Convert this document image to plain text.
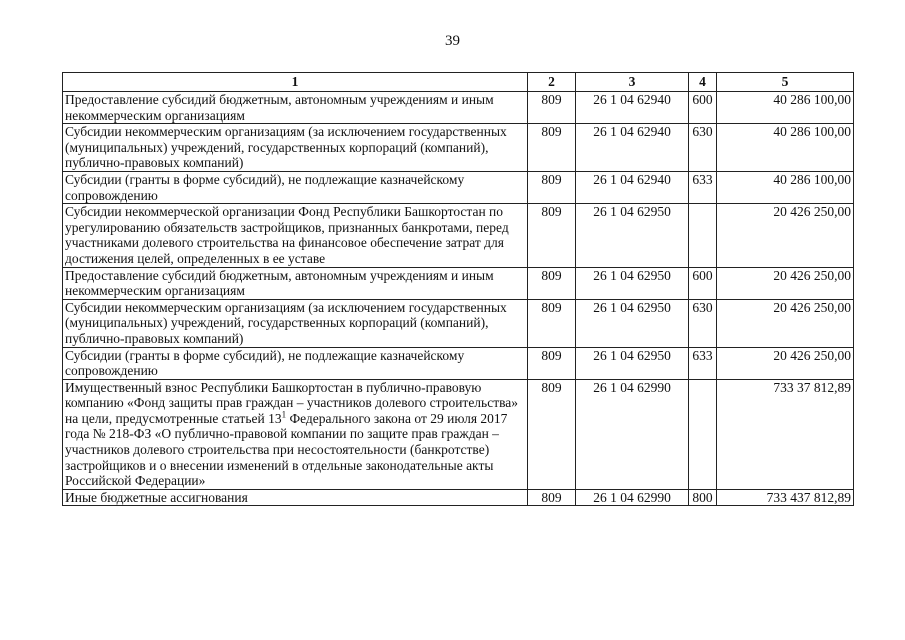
39
1	2	3	4	5
Предоставление субсидий бюджетным, автономным учреждениям и иным некоммерческим организациям	809	26 1 04 62940	600	40 286 100,00
Субсидии некоммерческим организациям (за исключением государственных (муниципальных) учреждений, государственных корпораций (компаний), публично-правовых компаний)	809	26 1 04 62940	630	40 286 100,00
Субсидии (гранты в форме субсидий), не подлежащие казначейскому сопровождению	809	26 1 04 62940	633	40 286 100,00
Субсидии некоммерческой организации Фонд Республики Башкортостан по урегулированию обязательств застройщиков, признанных банкротами, перед участниками долевого строительства на финансовое обеспечение затрат для достижения целей, определенных в ее уставе	809	26 1 04 62950		20 426 250,00
Предоставление субсидий бюджетным, автономным учреждениям и иным некоммерческим организациям	809	26 1 04 62950	600	20 426 250,00
Субсидии некоммерческим организациям (за исключением государственных (муниципальных) учреждений, государственных корпораций (компаний), публично-правовых компаний)	809	26 1 04 62950	630	20 426 250,00
Субсидии (гранты в форме субсидий), не подлежащие казначейскому сопровождению	809	26 1 04 62950	633	20 426 250,00
Имущественный взнос Республики Башкортостан в публично-правовую компанию «Фонд защиты прав граждан – участников долевого строительства» на цели, предусмотренные статьей $13^1$ Федерального закона от 29 июля 2017 года № 218-ФЗ «О публично-правовой компании по защите прав граждан – участников долевого строительства при несостоятельности (банкротстве) застройщиков и о внесении изменений в отдельные законодательные акты Российской Федерации»	809	26 1 04 62990		733 37 812,89
Иные бюджетные ассигнования	809	26 1 04 62990	800	733 437 812,89
